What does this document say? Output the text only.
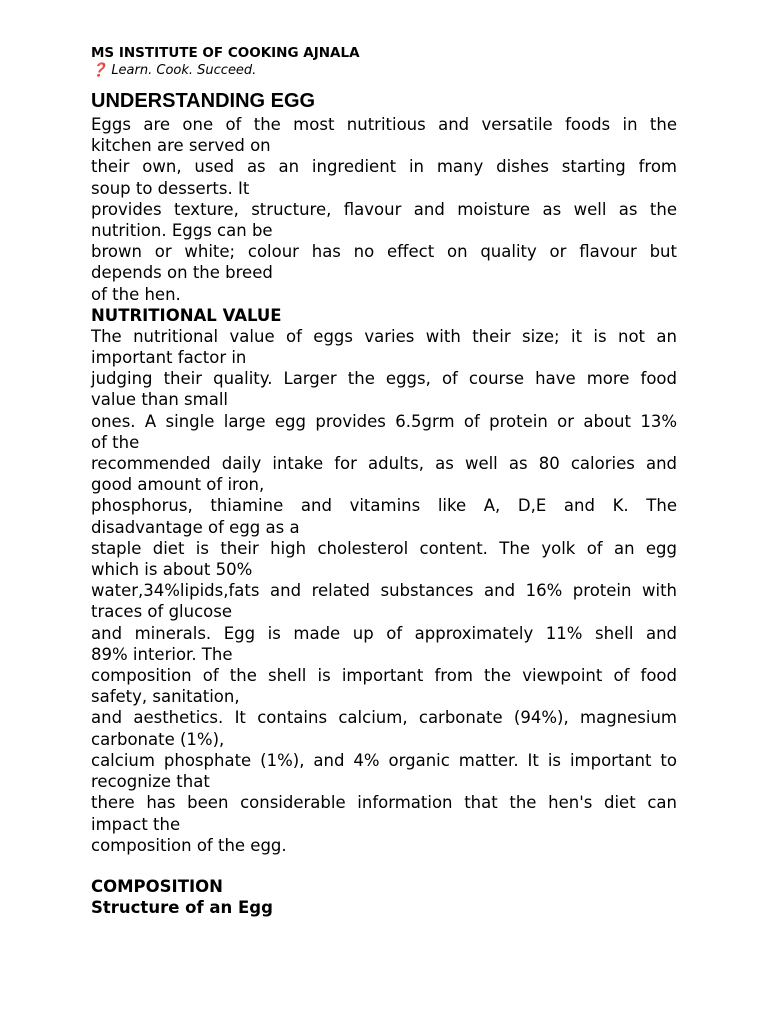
MS INSTITUTE OF COOKING AJNALA

❓ Learn. Cook. Succeed.

UNDERSTANDING EGG
Eggs are one of the most nutritious and versatile foods in the
kitchen are served on
their own, used as an ingredient in many dishes starting from
soup to desserts. It
provides texture, structure, flavour and moisture as well as the
nutrition. Eggs can be
brown or white; colour has no effect on quality or flavour but
depends on the breed
of the hen.
NUTRITIONAL VALUE
The nutritional value of eggs varies with their size; it is not an
important factor in
judging their quality. Larger the eggs, of course have more food
value than small
ones. A single large egg provides 6.5grm of protein or about 13%
of the
recommended daily intake for adults, as well as 80 calories and
good amount of iron,
phosphorus, thiamine and vitamins like A, D,E and K. The
disadvantage of egg as a
staple diet is their high cholesterol content. The yolk of an egg
which is about 50%
water,34%lipids,fats and related substances and 16% protein with
traces of glucose
and minerals. Egg is made up of approximately 11% shell and
89% interior. The
composition of the shell is important from the viewpoint of food
safety, sanitation,
and aesthetics. It contains calcium, carbonate (94%), magnesium
carbonate (1%),
calcium phosphate (1%), and 4% organic matter. It is important to
recognize that
there has been considerable information that the hen's diet can
impact the
composition of the egg.
COMPOSITION
Structure of an Egg
